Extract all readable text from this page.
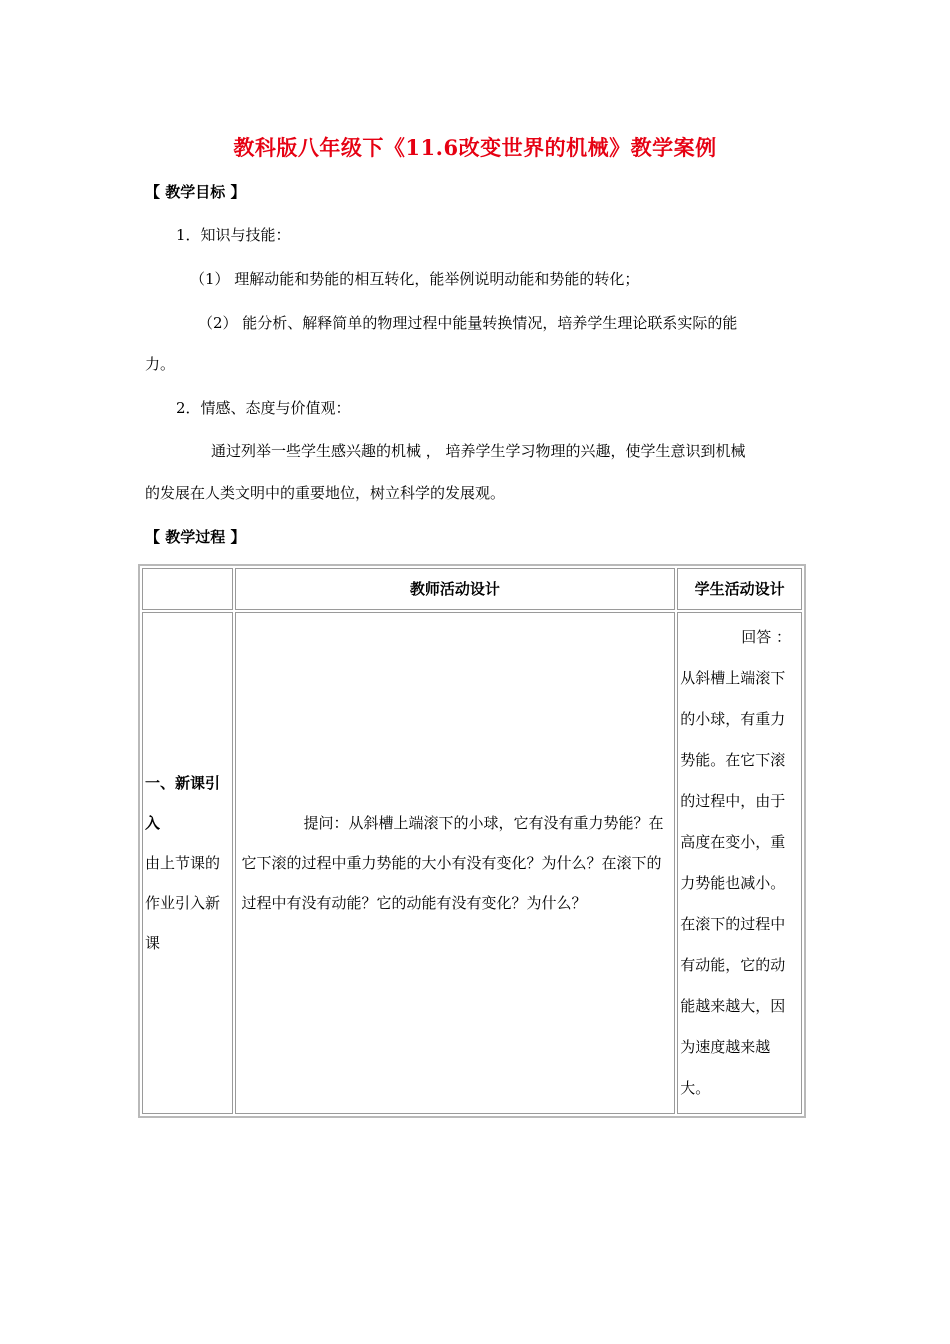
教科版八年级下《11.6改变世界的机械》教学案例
【 教学目标 】
1．知识与技能：
（1） 理解动能和势能的相互转化，能举例说明动能和势能的转化；
（2） 能分析、解释简单的物理过程中能量转换情况，培养学生理论联系实际的能
力。
2．情感、态度与价值观：
通过列举一些学生感兴趣的机械 ， 培养学生学习物理的兴趣，使学生意识到机械
的发展在人类文明中的重要地位，树立科学的发展观。
【 教学过程 】
	教师活动设计	学生活动设计

一、新课引入
由上节课的作业引入新课	提问：从斜槽上端滚下的小球，它有没有重力势能？在它下滚的过程中重力势能的大小有没有变化？为什么？在滚下的过程中有没有动能？它的动能有没有变化？为什么？	回答 ：
从斜槽上端滚下的小球，有重力势能。在它下滚的过程中，由于高度在变小，重力势能也减小。在滚下的过程中有动能，它的动能越来越大，因为速度越来越大。
